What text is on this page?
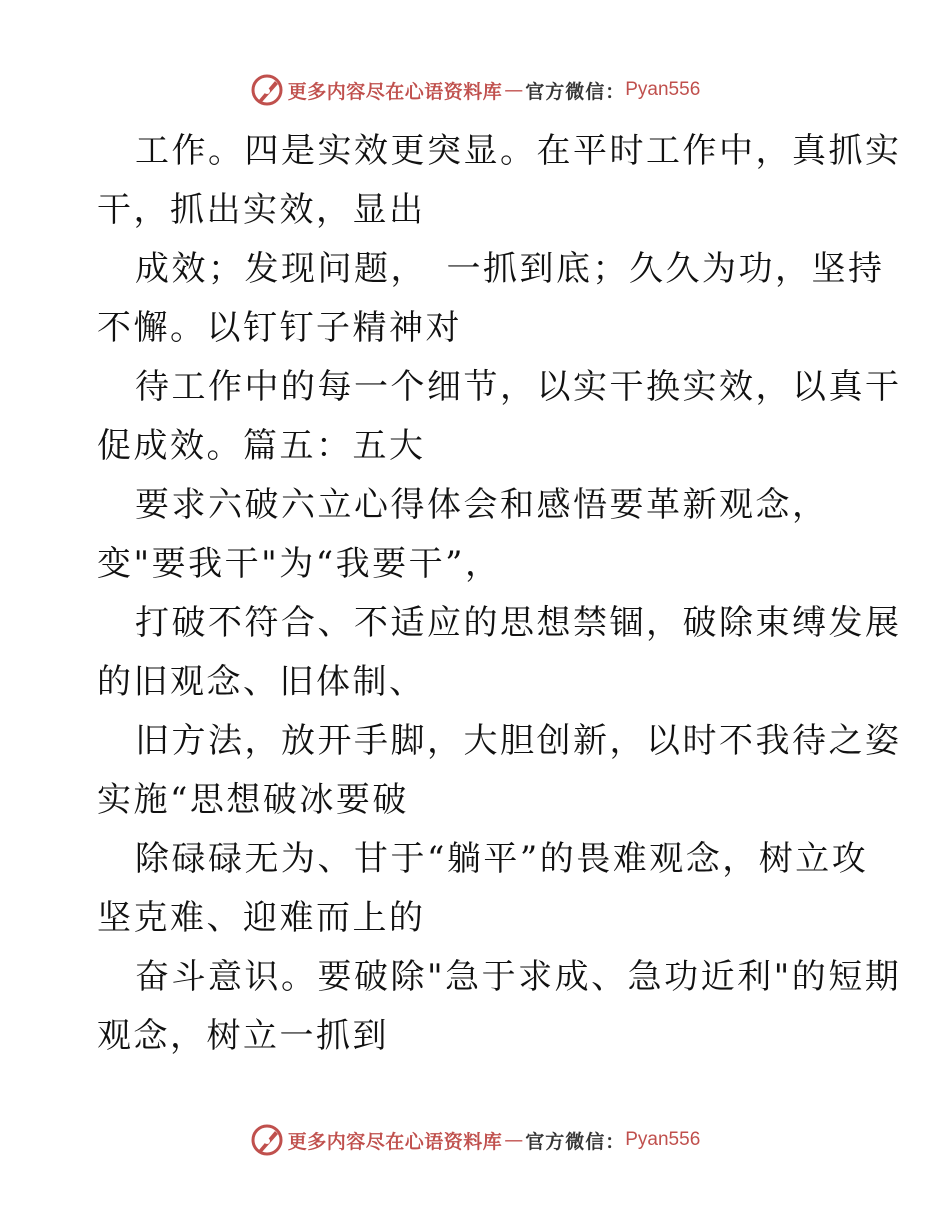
更多内容尽在心语资料库 — 官方微信： Pyan556
工作。四是实效更突显。在平时工作中，真抓实
干，抓出实效，显出
成效；发现问题，　一抓到底；久久为功，坚持
不懈。以钉钉子精神对
待工作中的每一个细节，以实干换实效，以真干
促成效。篇五：五大
要求六破六立心得体会和感悟要革新观念，
变"要我干"为“我要干”，
打破不符合、不适应的思想禁锢，破除束缚发展
的旧观念、旧体制、
旧方法，放开手脚，大胆创新，以时不我待之姿
实施“思想破冰要破
除碌碌无为、甘于“躺平”的畏难观念，树立攻
坚克难、迎难而上的
奋斗意识。要破除"急于求成、急功近利"的短期
观念，树立一抓到
更多内容尽在心语资料库 — 官方微信： Pyan556
